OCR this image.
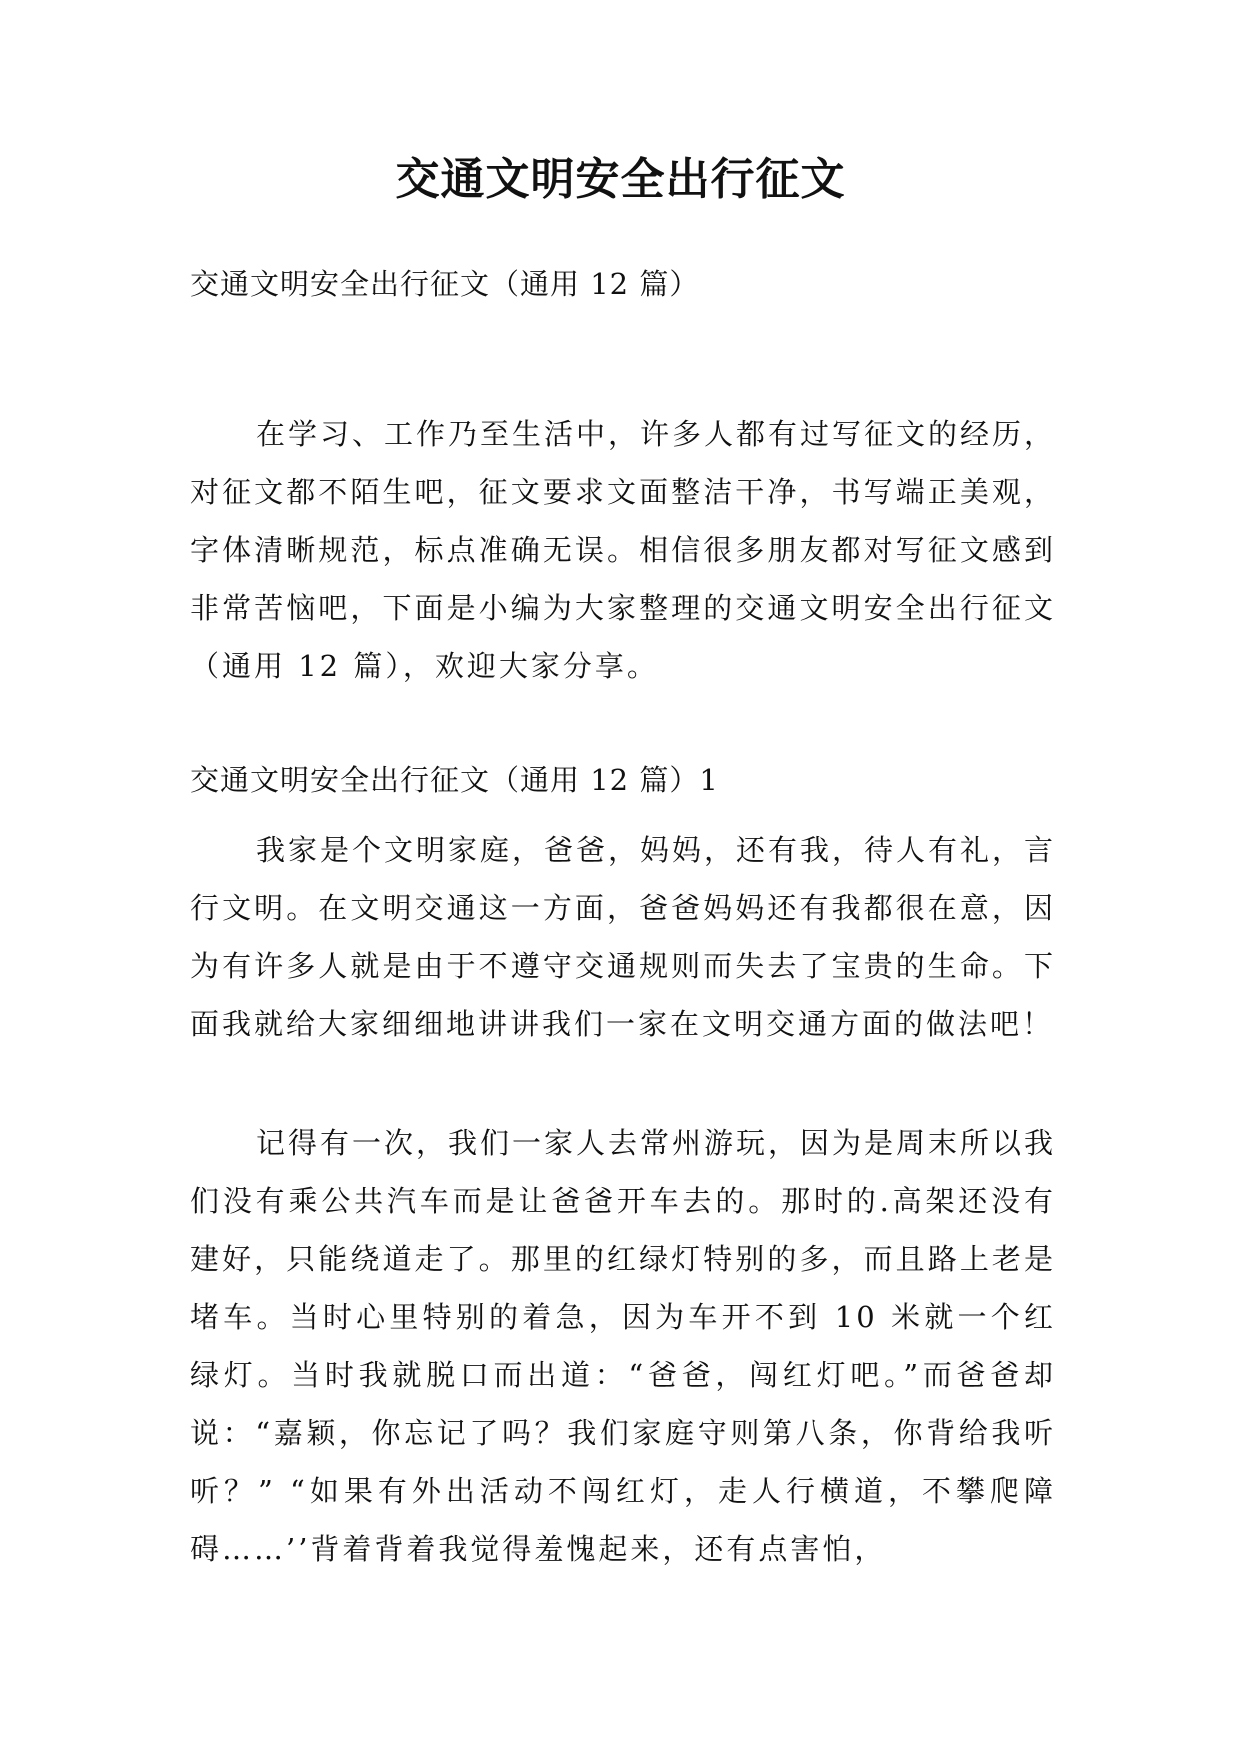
交通文明安全出行征文

交通文明安全出行征文（通用 12 篇）

在学习、工作乃至生活中，许多人都有过写征文的经历，对征文都不陌生吧，征文要求文面整洁干净，书写端正美观，字体清晰规范，标点准确无误。相信很多朋友都对写征文感到非常苦恼吧，下面是小编为大家整理的交通文明安全出行征文（通用 12 篇），欢迎大家分享。

交通文明安全出行征文（通用 12 篇）1

我家是个文明家庭，爸爸，妈妈，还有我，待人有礼，言行文明。在文明交通这一方面，爸爸妈妈还有我都很在意，因为有许多人就是由于不遵守交通规则而失去了宝贵的生命。下面我就给大家细细地讲讲我们一家在文明交通方面的做法吧！

记得有一次，我们一家人去常州游玩，因为是周末所以我们没有乘公共汽车而是让爸爸开车去的。那时的.高架还没有建好，只能绕道走了。那里的红绿灯特别的多，而且路上老是堵车。当时心里特别的着急，因为车开不到 10 米就一个红绿灯。当时我就脱口而出道：“爸爸，闯红灯吧。”而爸爸却说：“嘉颖，你忘记了吗？我们家庭守则第八条，你背给我听听？” “如果有外出活动不闯红灯，走人行横道，不攀爬障碍……’’背着背着我觉得羞愧起来，还有点害怕，
